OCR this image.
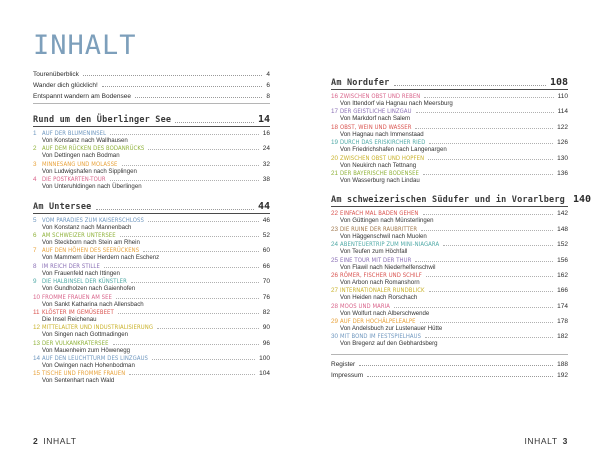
INHALT
Tourenüberblick	4
Wander dich glücklich!	6
Entspannt wandern am Bodensee	8
Rund um den Überlinger See	14
1 AUF DER BLUMENINSEL	16
Von Konstanz nach Wallhausen
2 AUF DEM RÜCKEN DES BODANRÜCKS	24
Von Dettingen nach Bodman
3 MINNESANG UND MOLASSE	32
Von Ludwigshafen nach Sipplingen
4 DIE POSTKARTEN-TOUR	38
Von Unteruhldingen nach Überlingen
Am Untersee	44
5 VOM PARADIES ZUM KAISERSCHLOSS	46
Von Konstanz nach Mannenbach
6 AM SCHWEIZER UNTERSEE	52
Von Steckborn nach Stein am Rhein
7 AUF DEN HÖHEN DES SEERÜCKENS	60
Von Mammern über Herdern nach Eschenz
8 IM REICH DER STILLE	66
Von Frauenfeld nach Ittingen
9 DIE HALBINSEL DER KÜNSTLER	70
Von Gundholzen nach Gaienhofen
10 FROMME FRAUEN AM SEE	76
Von Sankt Katharina nach Allensbach
11 KLÖSTER IM GEMÜSEBEET	82
Die Insel Reichenau
12 MITTELALTER UND INDUSTRIALISIERUNG	90
Von Singen nach Gottmadingen
13 DER VULKANKRATERSEE	96
Von Mauenheim zum Höwenegg
14 AUF DEN LEUCHTTURM DES LINZGAUS	100
Von Owingen nach Hohenbodman
15 TISCHE UND FROMME FRAUEN	104
Von Sentenhart nach Wald
Am Nordufer	108
16 ZWISCHEN OBST UND REBEN	110
Von Ittendorf via Hagnau nach Meersburg
17 DER GEISTLICHE LINZGAU	114
Von Markdorf nach Salem
18 OBST, WEIN UND WASSER	122
Von Hagnau nach Immenstaad
19 DURCH DAS ERISKIRCHER RIED	126
Von Friedrichshafen nach Langenargen
20 ZWISCHEN OBST UND HOPFEN	130
Von Neukirch nach Tettnang
21 DER BAYERISCHE BODENSEE	136
Von Wasserburg nach Lindau
Am schweizerischen Südufer und in Vorarlberg 140
22 EINFACH MAL BADEN GEHEN	142
Von Güttingen nach Münsterlingen
23 DIE RUINE DER RAUBRITTER	148
Von Häggenschwil nach Muolen
24 ABENTEUERTRIP ZUM MINI-NIAGARA	152
Von Teufen zum Höchfall
25 EINE TOUR MIT DER THUR	156
Von Flawil nach Niederhelfenschwil
26 RÖMER, FISCHER UND SCHILF	162
Von Arbon nach Romanshorn
27 INTERNATIONALER RUNDBLICK	166
Von Heiden nach Rorschach
28 MOOS UND MARIA	174
Von Wolfurt nach Alberschwende
29 AUF DER HOCHÄLPELEALPE	178
Von Andelsbuch zur Lustenauer Hütte
30 MIT BOND IM FESTSPIELHAUS	182
Von Bregenz auf den Gebhardsberg
Register	188
Impressum	192
2 INHALT	INHALT 3
